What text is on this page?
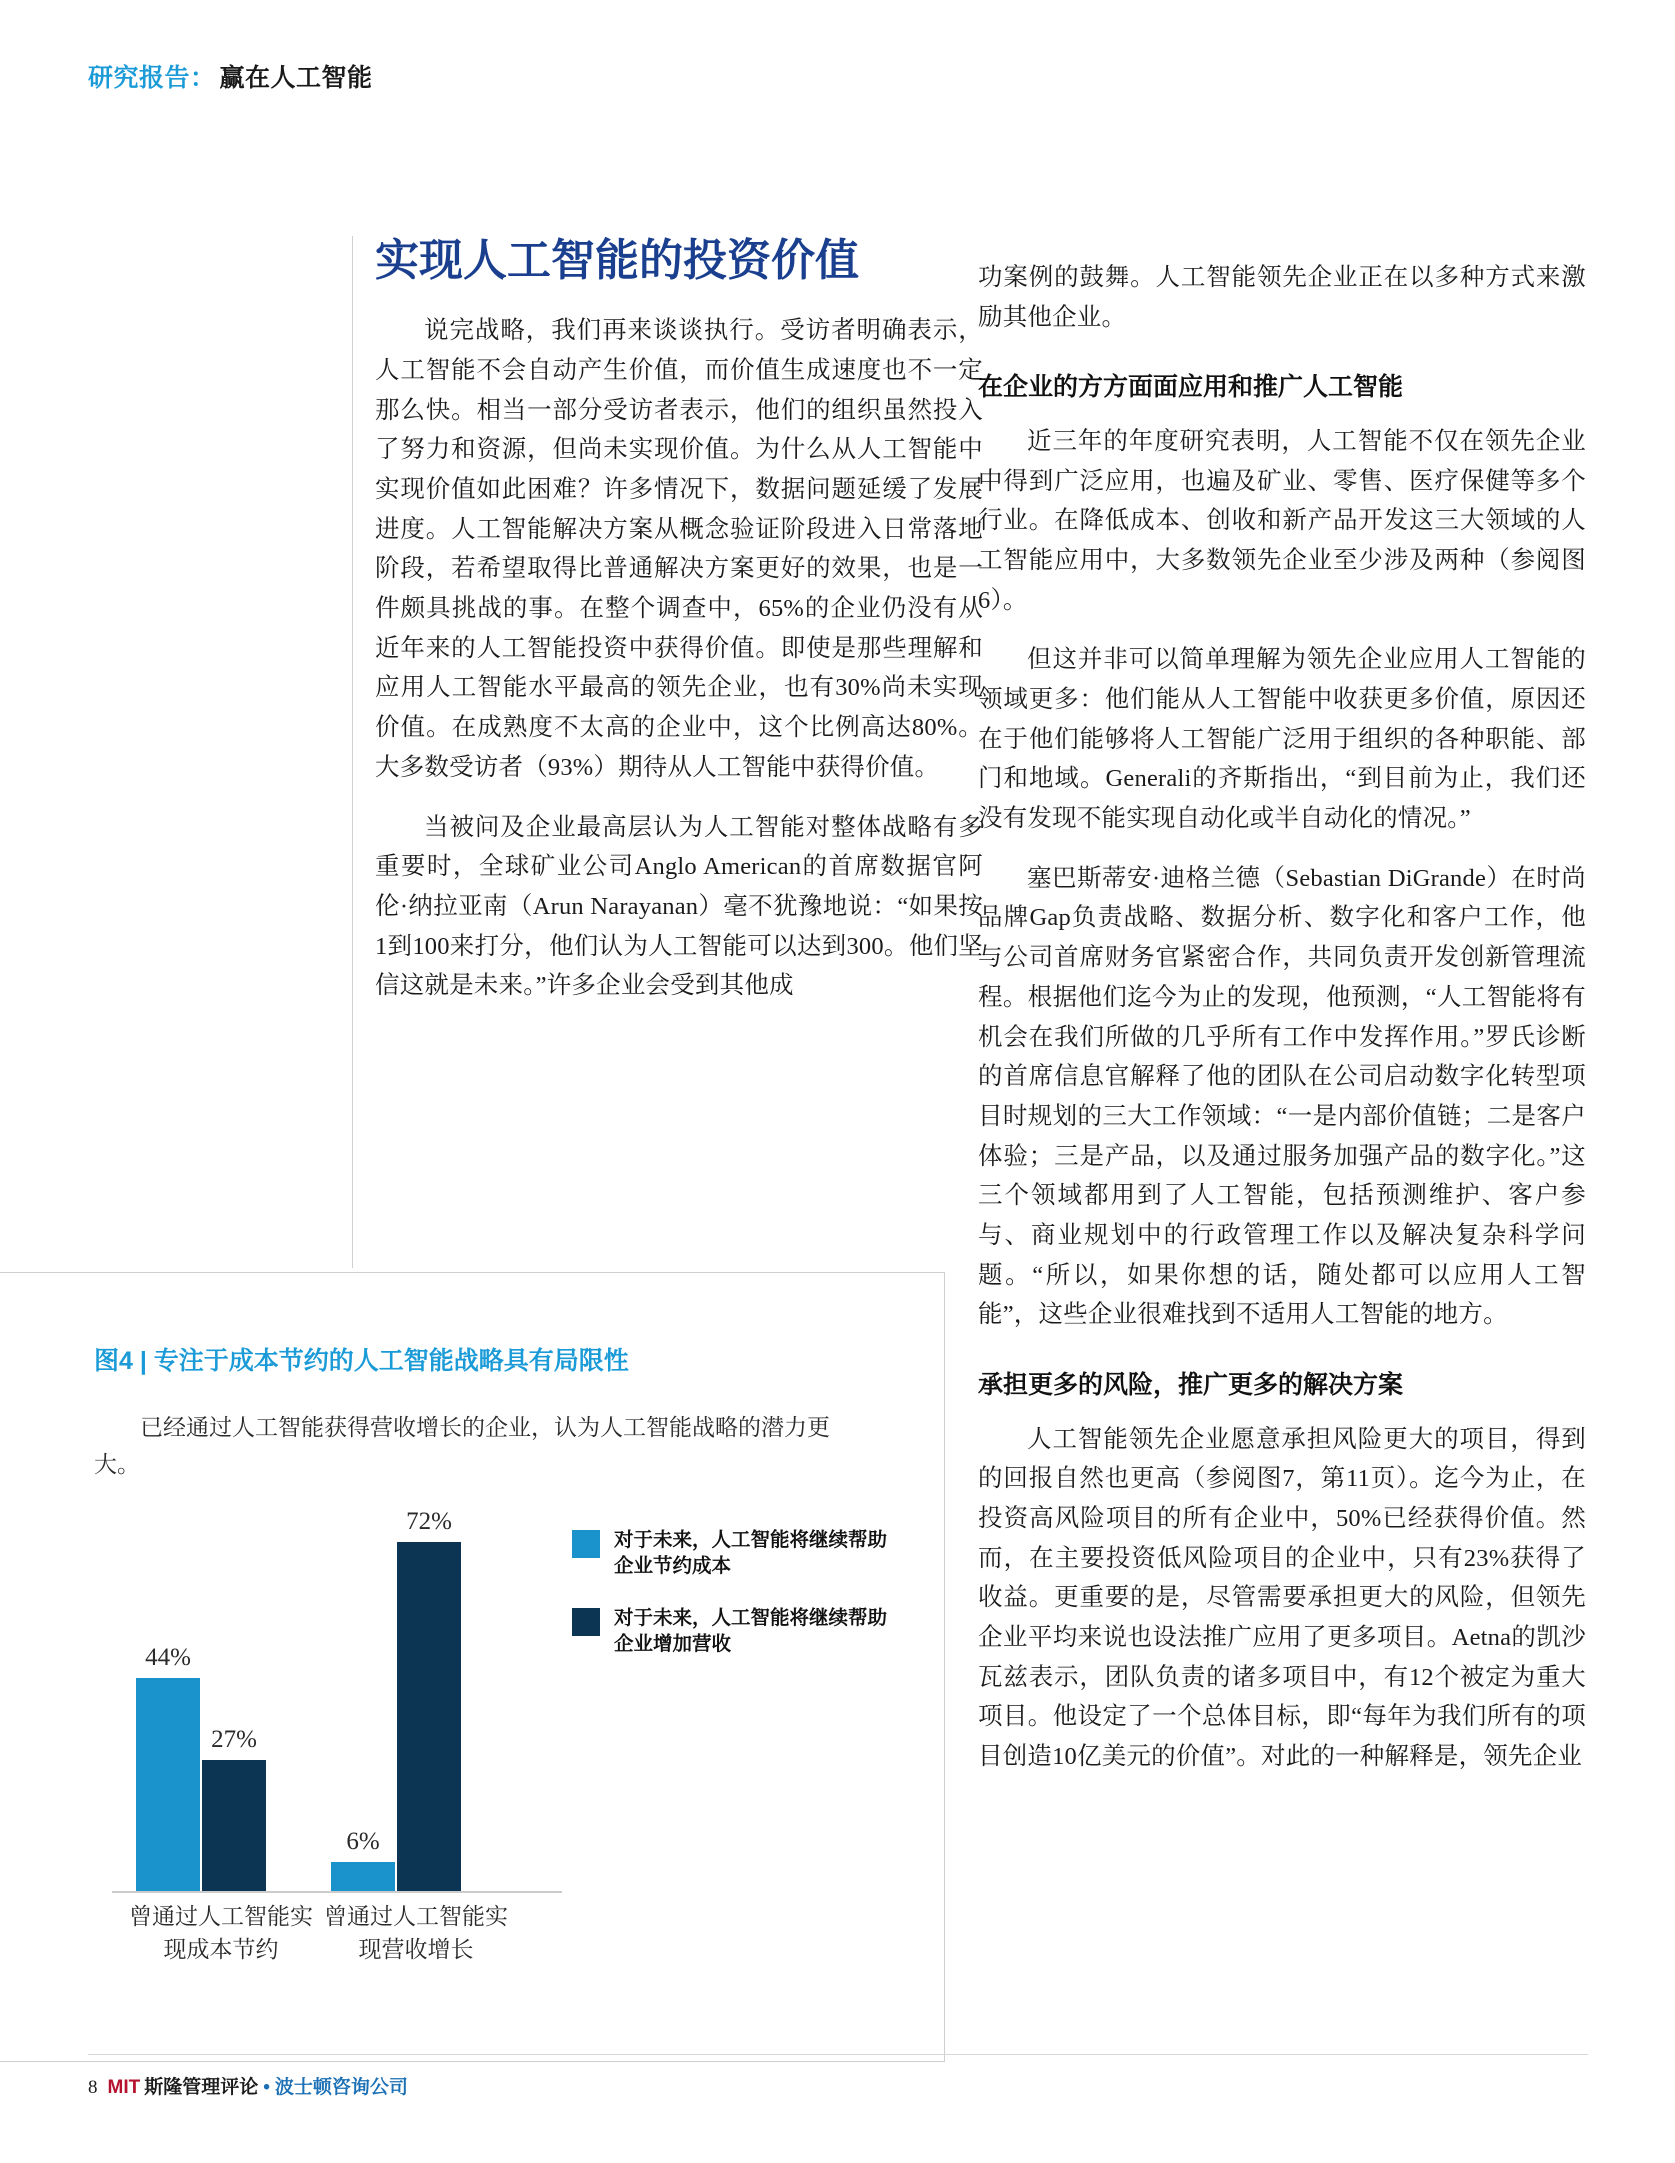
研究报告： 赢在人工智能
实现人工智能的投资价值

说完战略，我们再来谈谈执行。受访者明确表示，人工智能不会自动产生价值，而价值生成速度也不一定那么快。相当一部分受访者表示，他们的组织虽然投入了努力和资源，但尚未实现价值。为什么从人工智能中实现价值如此困难？许多情况下，数据问题延缓了发展进度。人工智能解决方案从概念验证阶段进入日常落地阶段，若希望取得比普通解决方案更好的效果，也是一件颇具挑战的事。在整个调查中，65%的企业仍没有从近年来的人工智能投资中获得价值。即使是那些理解和应用人工智能水平最高的领先企业，也有30%尚未实现价值。在成熟度不太高的企业中，这个比例高达80%。大多数受访者（93%）期待从人工智能中获得价值。

当被问及企业最高层认为人工智能对整体战略有多重要时，全球矿业公司Anglo American的首席数据官阿伦·纳拉亚南（Arun Narayanan）毫不犹豫地说：“如果按1到100来打分，他们认为人工智能可以达到300。他们坚信这就是未来。”许多企业会受到其他成

功案例的鼓舞。人工智能领先企业正在以多种方式来激励其他企业。

在企业的方方面面应用和推广人工智能

近三年的年度研究表明，人工智能不仅在领先企业中得到广泛应用，也遍及矿业、零售、医疗保健等多个行业。在降低成本、创收和新产品开发这三大领域的人工智能应用中，大多数领先企业至少涉及两种（参阅图6）。

但这并非可以简单理解为领先企业应用人工智能的领域更多：他们能从人工智能中收获更多价值，原因还在于他们能够将人工智能广泛用于组织的各种职能、部门和地域。Generali的齐斯指出，“到目前为止，我们还没有发现不能实现自动化或半自动化的情况。”

塞巴斯蒂安·迪格兰德（Sebastian DiGrande）在时尚品牌Gap负责战略、数据分析、数字化和客户工作，他与公司首席财务官紧密合作，共同负责开发创新管理流程。根据他们迄今为止的发现，他预测，“人工智能将有机会在我们所做的几乎所有工作中发挥作用。”罗氏诊断的首席信息官解释了他的团队在公司启动数字化转型项目时规划的三大工作领域：“一是内部价值链；二是客户体验；三是产品，以及通过服务加强产品的数字化。”这三个领域都用到了人工智能，包括预测维护、客户参与、商业规划中的行政管理工作以及解决复杂科学问题。“所以，如果你想的话，随处都可以应用人工智能”，这些企业很难找到不适用人工智能的地方。

承担更多的风险，推广更多的解决方案

人工智能领先企业愿意承担风险更大的项目，得到的回报自然也更高（参阅图7，第11页）。迄今为止，在投资高风险项目的所有企业中，50%已经获得价值。然而，在主要投资低风险项目的企业中，只有23%获得了收益。更重要的是，尽管需要承担更大的风险，但领先企业平均来说也设法推广应用了更多项目。Aetna的凯沙瓦兹表示，团队负责的诸多项目中，有12个被定为重大项目。他设定了一个总体目标，即“每年为我们所有的项目创造10亿美元的价值”。对此的一种解释是，领先企业

图4 | 专注于成本节约的人工智能战略具有局限性
已经通过人工智能获得营收增长的企业，认为人工智能战略的潜力更大。
44%
27%
6%
72%
曾通过人工智能实现成本节约
曾通过人工智能实现营收增长
对于未来，人工智能将继续帮助企业节约成本
对于未来，人工智能将继续帮助企业增加营收
8 MIT 斯隆管理评论 • 波士顿咨询公司
